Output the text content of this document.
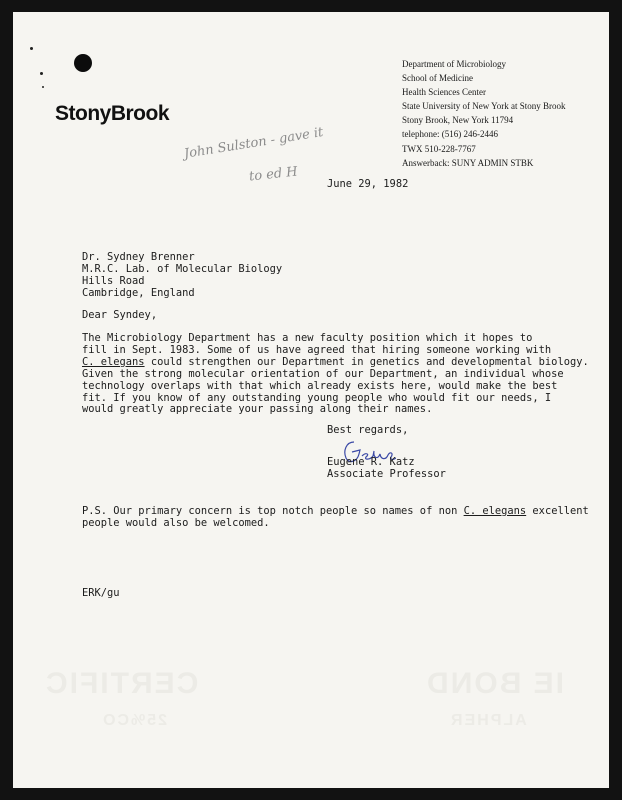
IE BOND
CERTIFIC
ALPHER
25%CO
StonyBrook
Department of Microbiology
School of Medicine
Health Sciences Center
State University of New York at Stony Brook
Stony Brook, New York 11794
telephone: (516) 246-2446
TWX 510-228-7767
Answerback: SUNY ADMIN STBK
John Sulston - gave it
to ed H	June 29, 1982
Dr. Sydney Brenner
M.R.C. Lab. of Molecular Biology
Hills Road
Cambridge, England
Dear Syndey,
The Microbiology Department has a new faculty position which it hopes to
fill in Sept. 1983. Some of us have agreed that hiring someone working with
C. elegans could strengthen our Department in genetics and developmental biology.
Given the strong molecular orientation of our Department, an individual whose
technology overlaps with that which already exists here, would make the best
fit. If you know of any outstanding young people who would fit our needs, I
would greatly appreciate your passing along their names.
Best regards,
Eugene R. Katz
Associate Professor
P.S. Our primary concern is top notch people so names of non C. elegans excellent
people would also be welcomed.
ERK/gu
